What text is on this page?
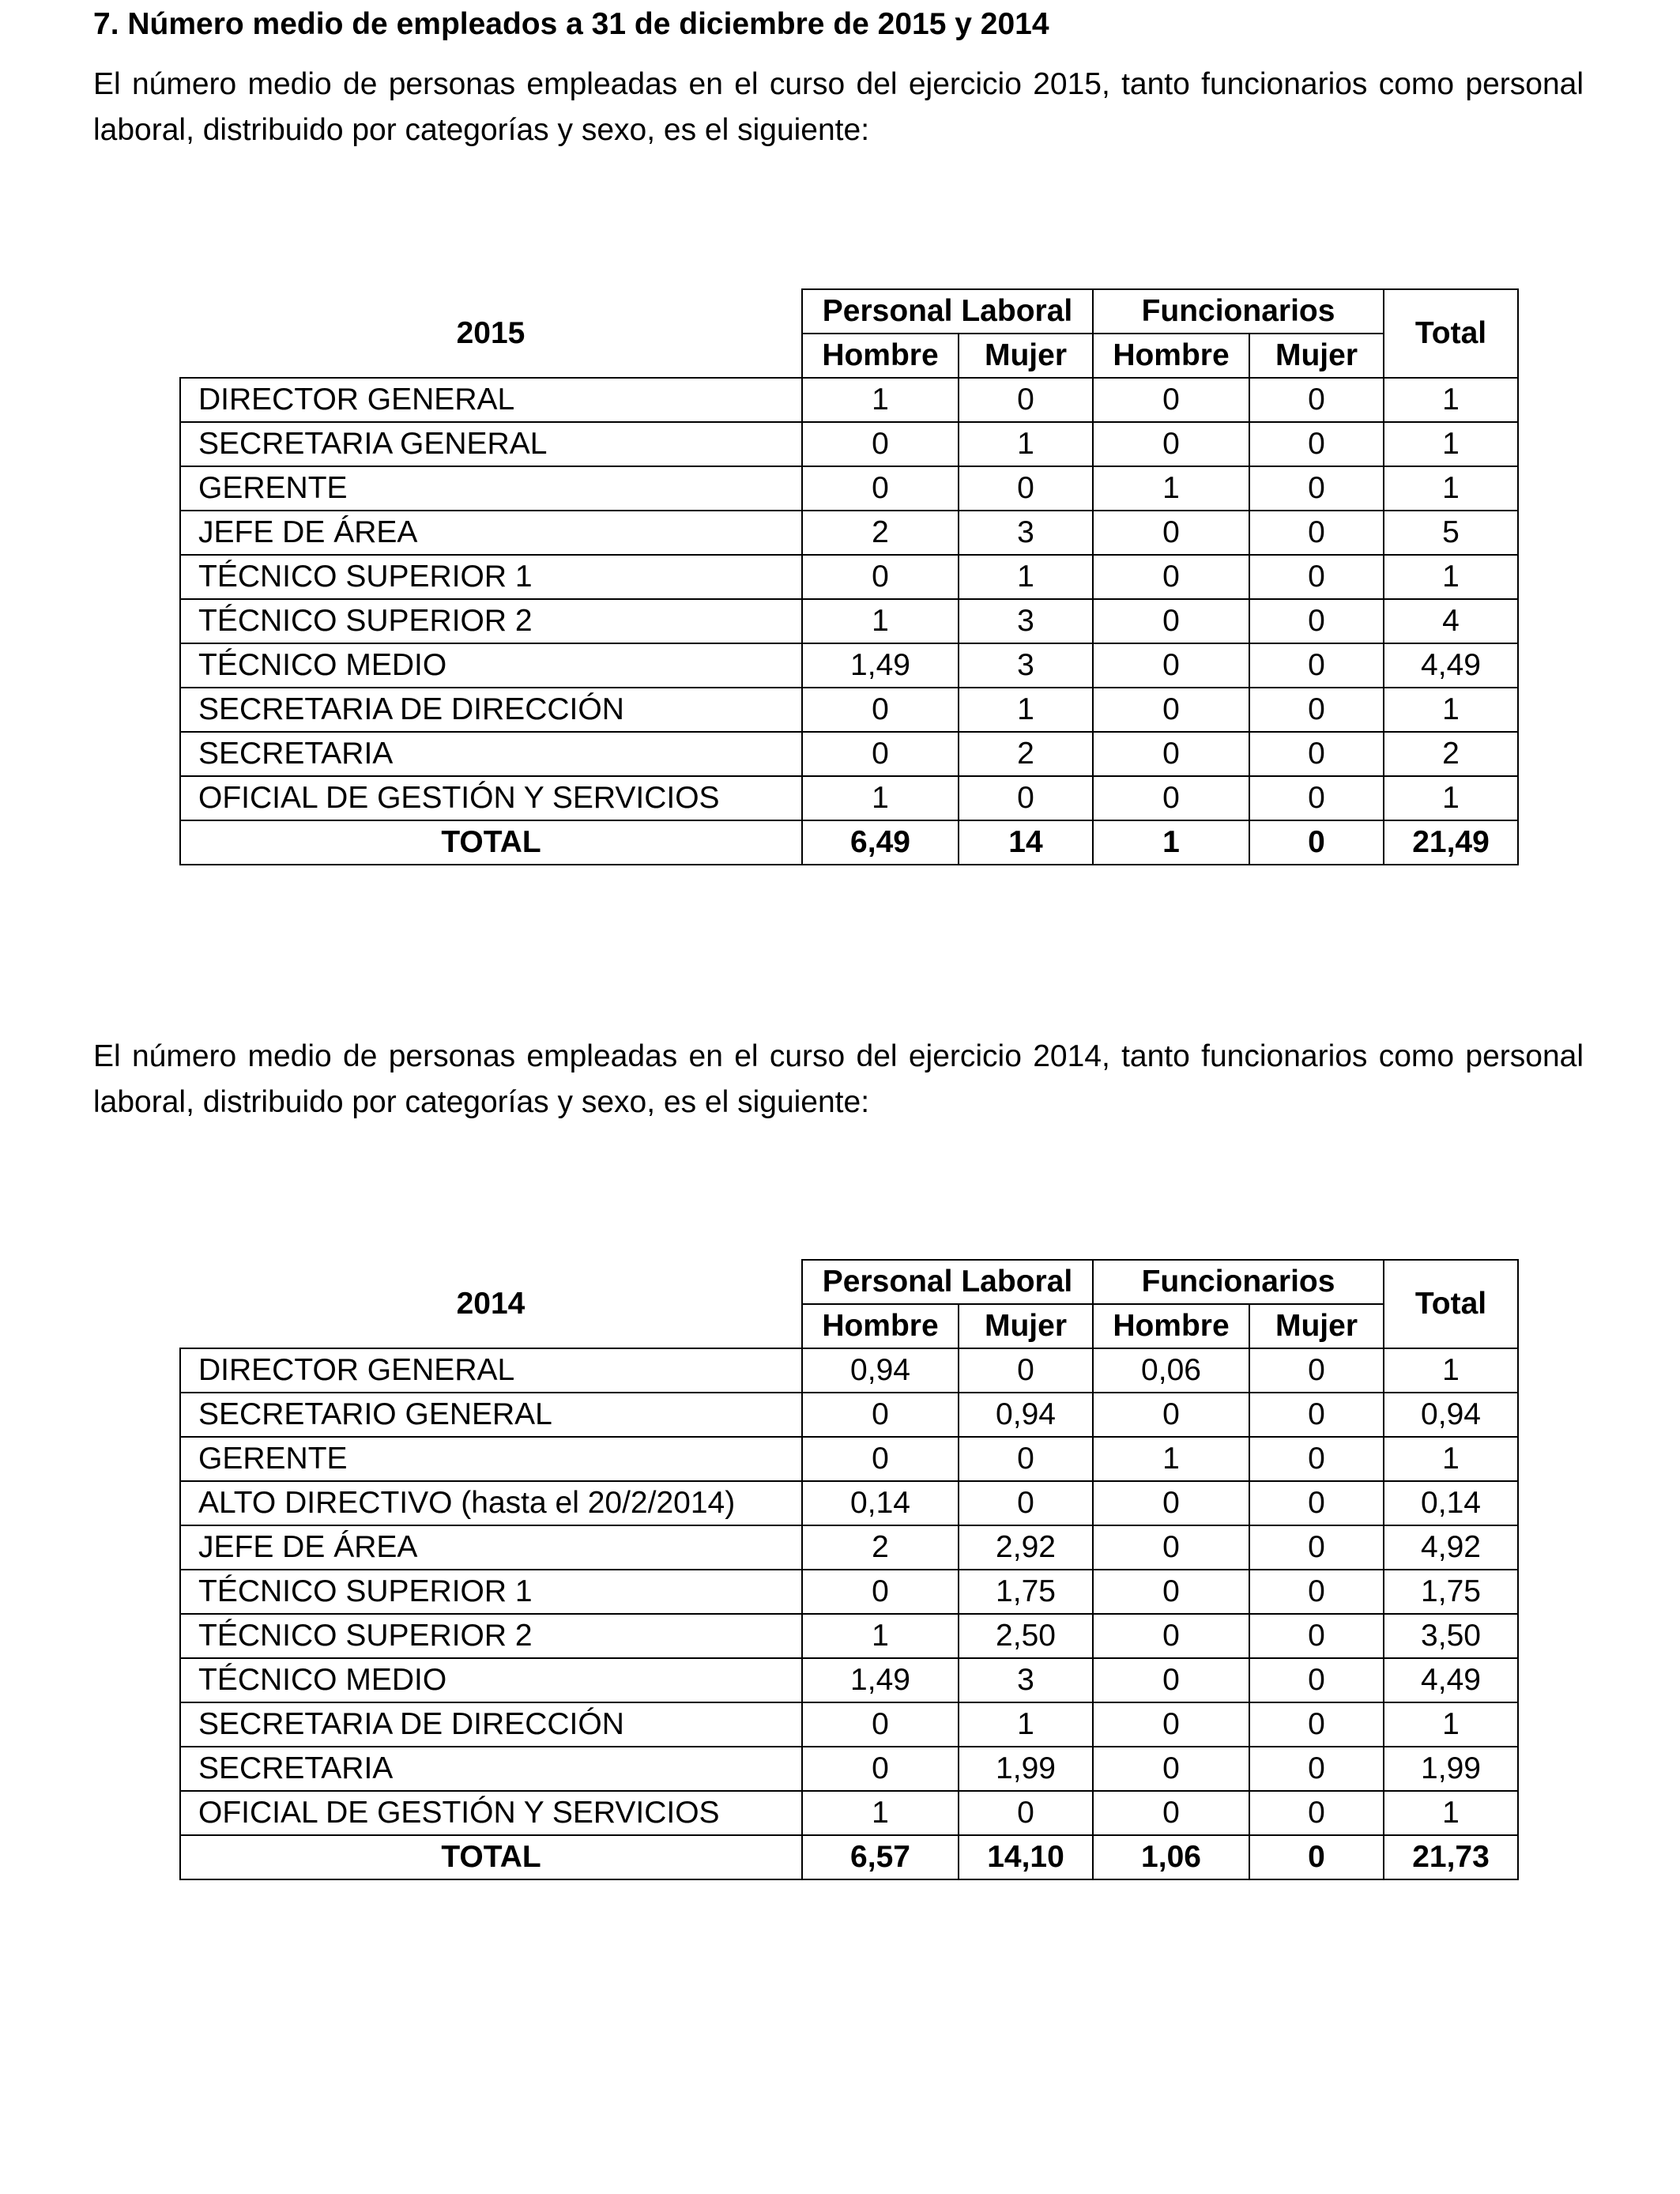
7. Número medio de empleados a 31 de diciembre de 2015 y 2014
El número medio de personas empleadas en el curso del ejercicio 2015, tanto funcionarios como personal laboral, distribuido por categorías y sexo, es el siguiente:
2015	Personal Laboral		Funcionarios		Total
	Hombre	Mujer	Hombre	Mujer	
DIRECTOR GENERAL	1	0	0	0	1
SECRETARIA GENERAL	0	1	0	0	1
GERENTE	0	0	1	0	1
JEFE DE ÁREA	2	3	0	0	5
TÉCNICO SUPERIOR 1	0	1	0	0	1
TÉCNICO SUPERIOR 2	1	3	0	0	4
TÉCNICO MEDIO	1,49	3	0	0	4,49
SECRETARIA DE DIRECCIÓN	0	1	0	0	1
SECRETARIA	0	2	0	0	2
OFICIAL DE GESTIÓN Y SERVICIOS	1	0	0	0	1
TOTAL	6,49	14	1	0	21,49
El número medio de personas empleadas en el curso del ejercicio 2014, tanto funcionarios como personal laboral, distribuido por categorías y sexo, es el siguiente:
2014	Personal Laboral		Funcionarios		Total
	Hombre	Mujer	Hombre	Mujer	
DIRECTOR GENERAL	0,94	0	0,06	0	1
SECRETARIO GENERAL	0	0,94	0	0	0,94
GERENTE	0	0	1	0	1
ALTO DIRECTIVO (hasta el 20/2/2014)	0,14	0	0	0	0,14
JEFE DE ÁREA	2	2,92	0	0	4,92
TÉCNICO SUPERIOR 1	0	1,75	0	0	1,75
TÉCNICO SUPERIOR 2	1	2,50	0	0	3,50
TÉCNICO MEDIO	1,49	3	0	0	4,49
SECRETARIA DE DIRECCIÓN	0	1	0	0	1
SECRETARIA	0	1,99	0	0	1,99
OFICIAL DE GESTIÓN Y SERVICIOS	1	0	0	0	1
TOTAL	6,57	14,10	1,06	0	21,73
